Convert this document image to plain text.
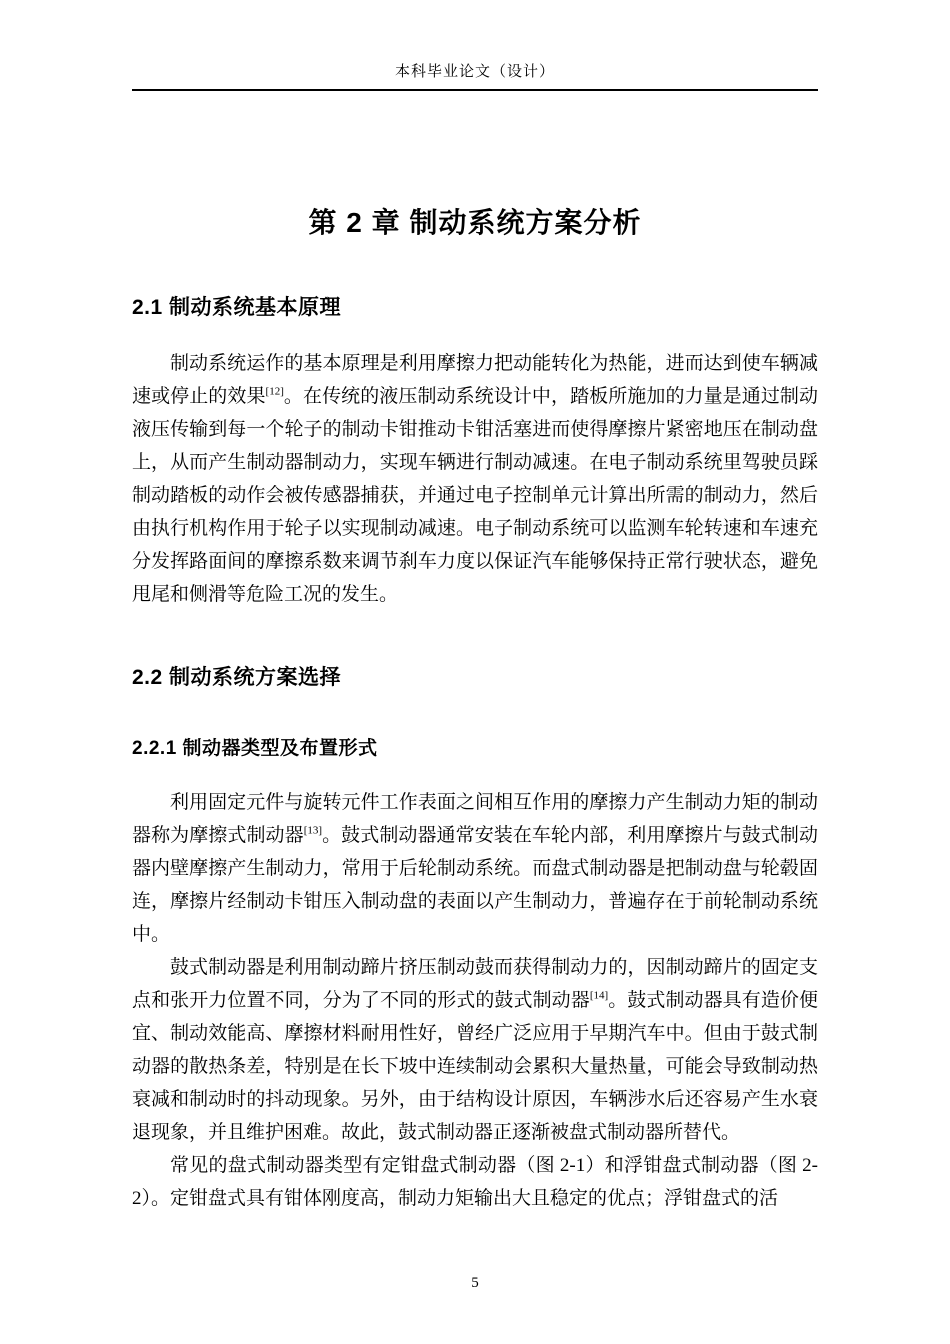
本科毕业论文（设计）
第 2 章 制动系统方案分析
2.1 制动系统基本原理

制动系统运作的基本原理是利用摩擦力把动能转化为热能，进而达到使车辆减速或停止的效果[12]。在传统的液压制动系统设计中，踏板所施加的力量是通过制动液压传输到每一个轮子的制动卡钳推动卡钳活塞进而使得摩擦片紧密地压在制动盘上，从而产生制动器制动力，实现车辆进行制动减速。在电子制动系统里驾驶员踩制动踏板的动作会被传感器捕获，并通过电子控制单元计算出所需的制动力，然后由执行机构作用于轮子以实现制动减速。电子制动系统可以监测车轮转速和车速充分发挥路面间的摩擦系数来调节刹车力度以保证汽车能够保持正常行驶状态，避免甩尾和侧滑等危险工况的发生。

2.2 制动系统方案选择
2.2.1 制动器类型及布置形式

利用固定元件与旋转元件工作表面之间相互作用的摩擦力产生制动力矩的制动器称为摩擦式制动器[13]。鼓式制动器通常安装在车轮内部，利用摩擦片与鼓式制动器内壁摩擦产生制动力，常用于后轮制动系统。而盘式制动器是把制动盘与轮毂固连，摩擦片经制动卡钳压入制动盘的表面以产生制动力，普遍存在于前轮制动系统中。

鼓式制动器是利用制动蹄片挤压制动鼓而获得制动力的，因制动蹄片的固定支点和张开力位置不同，分为了不同的形式的鼓式制动器[14]。鼓式制动器具有造价便宜、制动效能高、摩擦材料耐用性好，曾经广泛应用于早期汽车中。但由于鼓式制动器的散热条差，特别是在长下坡中连续制动会累积大量热量，可能会导致制动热衰减和制动时的抖动现象。另外，由于结构设计原因，车辆涉水后还容易产生水衰退现象，并且维护困难。故此，鼓式制动器正逐渐被盘式制动器所替代。

常见的盘式制动器类型有定钳盘式制动器（图 2-1）和浮钳盘式制动器（图 2-2）。定钳盘式具有钳体刚度高，制动力矩输出大且稳定的优点；浮钳盘式的活

5
